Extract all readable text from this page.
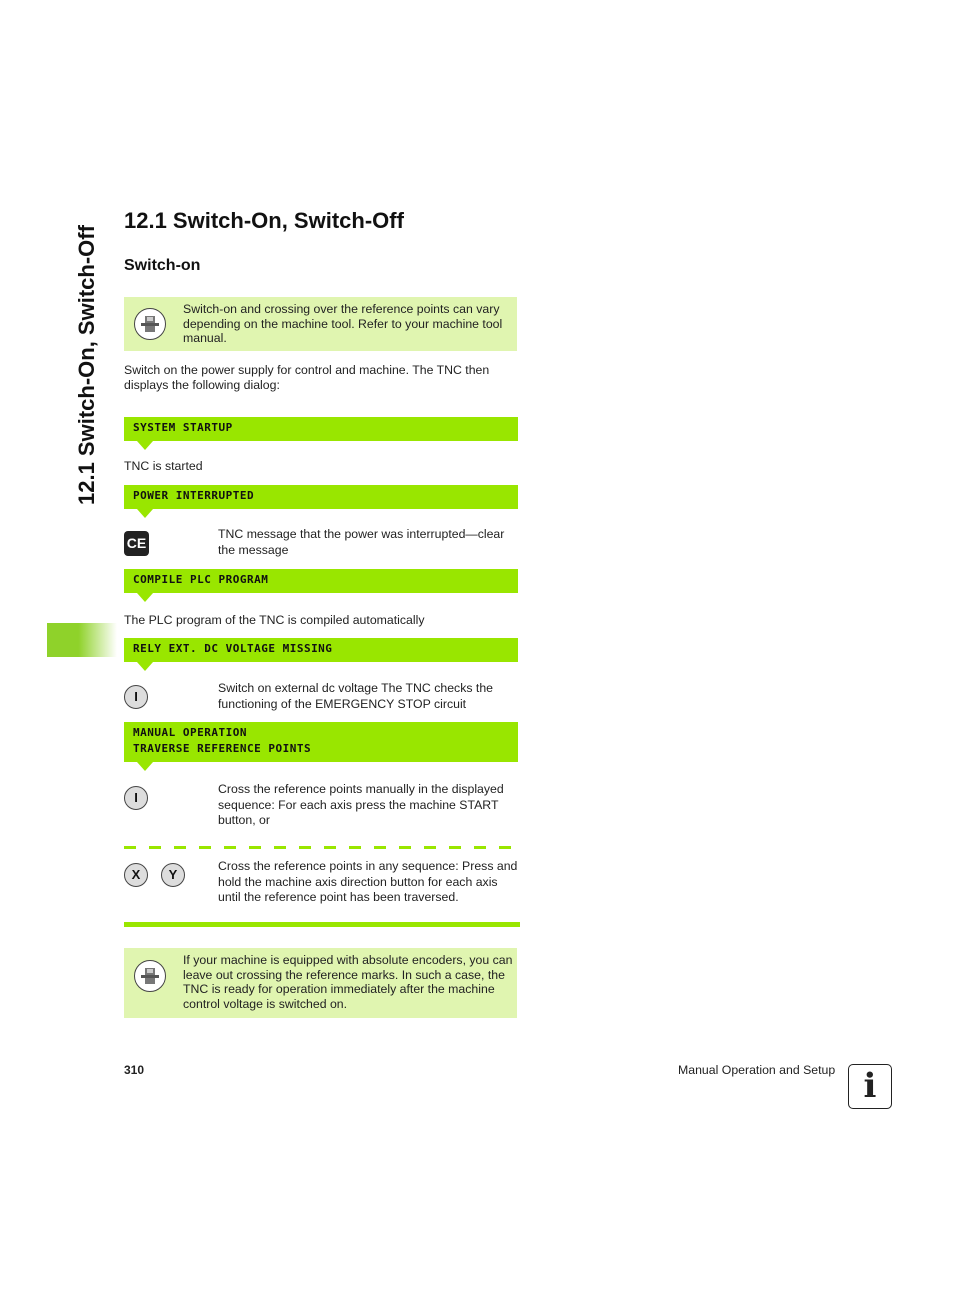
12.1 Switch-On, Switch-Off
12.1 Switch-On, Switch-Off
Switch-on
Switch-on and crossing over the reference points can vary depending on the machine tool. Refer to your machine tool manual.
Switch on the power supply for control and machine. The TNC then displays the following dialog:
SYSTEM STARTUP
TNC is started
POWER INTERRUPTED
CE
TNC message that the power was interrupted—clear the message
COMPILE PLC PROGRAM
The PLC program of the TNC is compiled automatically
RELY EXT. DC VOLTAGE MISSING
I
Switch on external dc voltage The TNC checks the functioning of the EMERGENCY STOP circuit
MANUAL OPERATION
TRAVERSE REFERENCE POINTS
I
Cross the reference points manually in the displayed sequence: For each axis press the machine START button, or
X	Y
Cross the reference points in any sequence: Press and hold the machine axis direction button for each axis until the reference point has been traversed.
If your machine is equipped with absolute encoders, you can leave out crossing the reference marks. In such a case, the TNC is ready for operation immediately after the machine control voltage is switched on.
310	Manual Operation and Setup i
